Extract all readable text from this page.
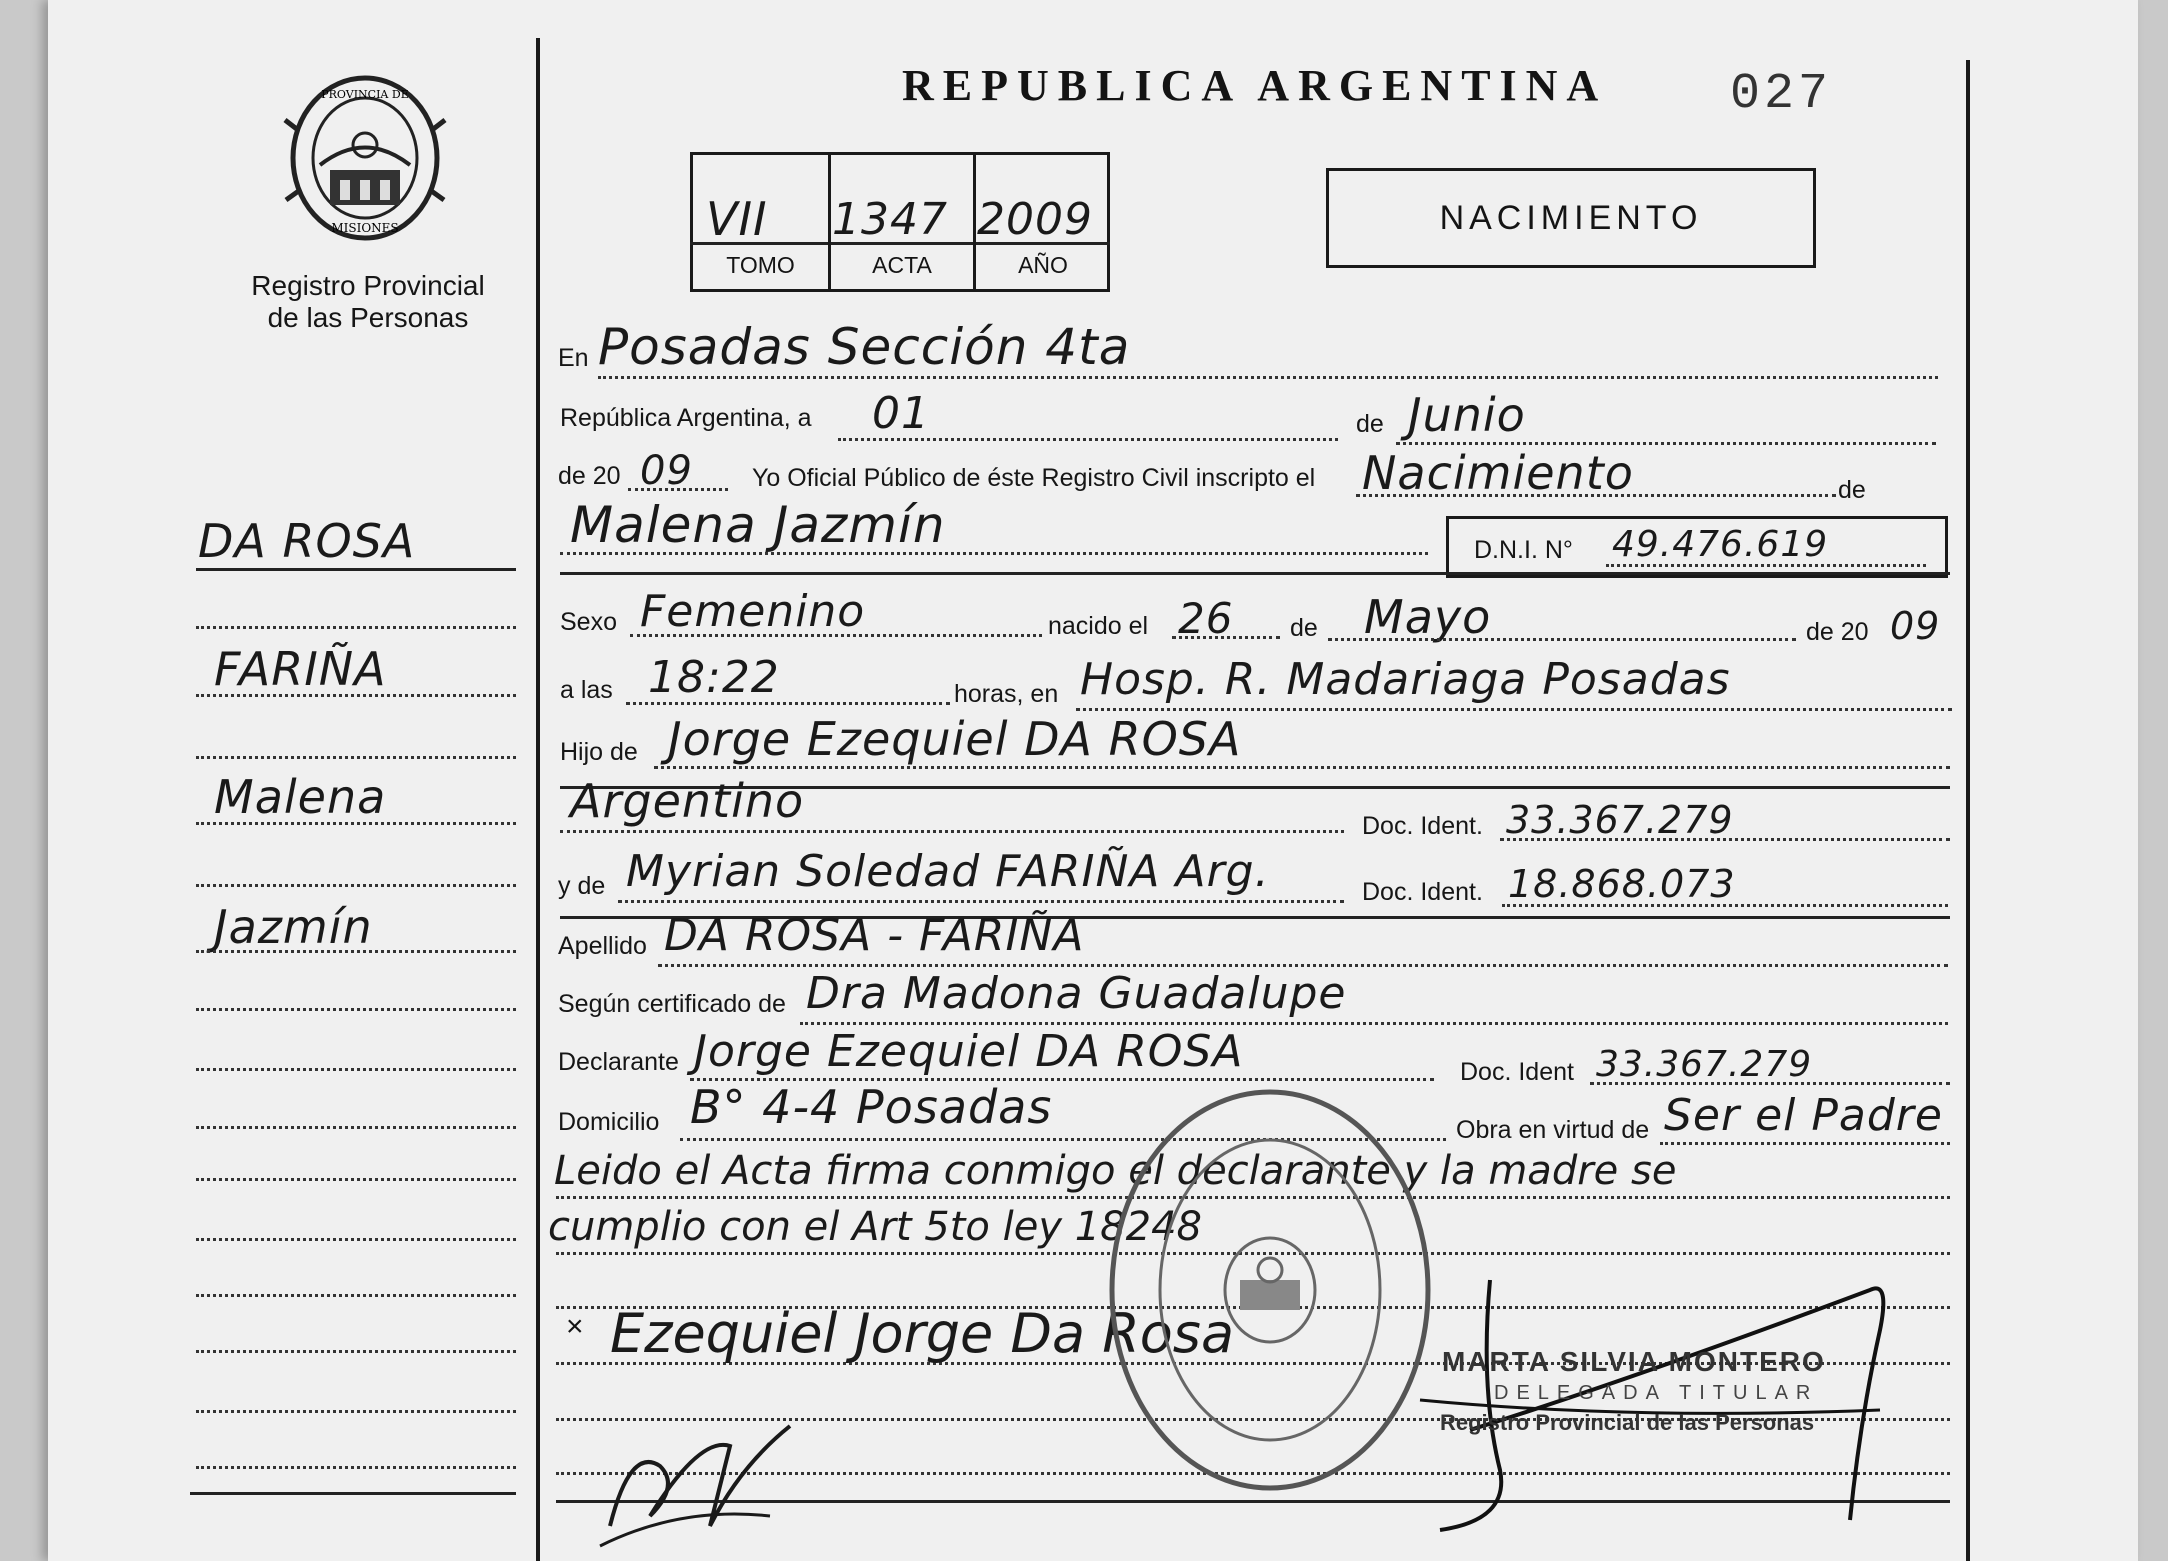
PROVINCIA DE
MISIONES
Registro Provincial
de las Personas
REPUBLICA ARGENTINA 027
VII 1347 2009
TOMO	ACTA	AÑO
NACIMIENTO
DA ROSA
FARIÑA
Malena
Jazmín
En Posadas Sección 4ta
República Argentina, a 01	de Junio
de 20 09 Yo Oficial Público de éste Registro Civil inscripto el Nacimiento	de
Malena Jazmín	D.N.I. N° 49.476.619
Sexo Femenino	nacido el 26 de Mayo	de 20 09
a las 18:22	horas, en Hosp. R. Madariaga Posadas
Hijo de Jorge Ezequiel DA ROSA
Argentino	Doc. Ident. 33.367.279
y de Myrian Soledad FARIÑA Arg.	Doc. Ident. 18.868.073
Apellido DA ROSA - FARIÑA
Según certificado de Dra Madona Guadalupe
Declarante Jorge Ezequiel DA ROSA	Doc. Ident 33.367.279
Domicilio B° 4-4 Posadas	Obra en virtud de Ser el Padre
Leido el Acta firma conmigo el declarante y la madre se
cumplio con el Art 5to ley 18248
× Ezequiel Jorge Da Rosa	MARTA SILVIA MONTERO
DELEGADA TITULAR
Registro Provincial de las Personas
